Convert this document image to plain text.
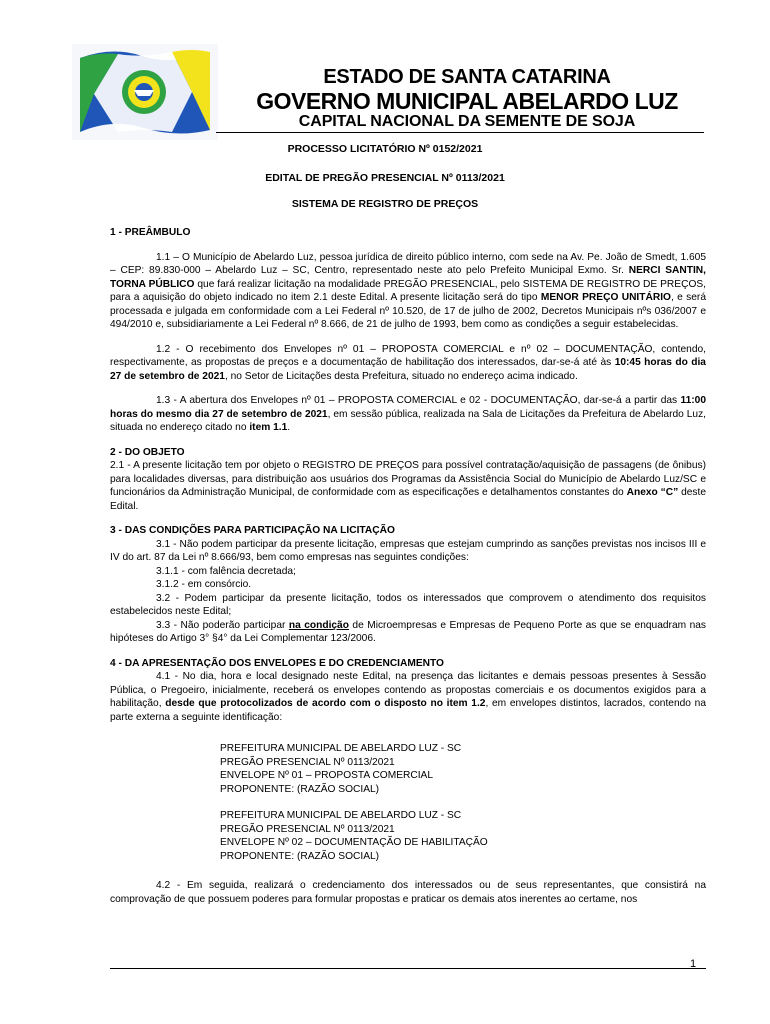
ESTADO DE SANTA CATARINA
GOVERNO MUNICIPAL ABELARDO LUZ
CAPITAL NACIONAL DA SEMENTE DE SOJA
PROCESSO LICITATÓRIO Nº 0152/2021
EDITAL DE PREGÃO PRESENCIAL Nº 0113/2021
SISTEMA DE REGISTRO DE PREÇOS

1 - PREÂMBULO

1.1 – O Município de Abelardo Luz, pessoa jurídica de direito público interno, com sede na Av. Pe. João de Smedt, 1.605 – CEP: 89.830-000 – Abelardo Luz – SC, Centro, representado neste ato pelo Prefeito Municipal Exmo. Sr. NERCI SANTIN, TORNA PÚBLICO que fará realizar licitação na modalidade PREGÃO PRESENCIAL, pelo SISTEMA DE REGISTRO DE PREÇOS, para a aquisição do objeto indicado no item 2.1 deste Edital. A presente licitação será do tipo MENOR PREÇO UNITÁRIO, e será processada e julgada em conformidade com a Lei Federal nº 10.520, de 17 de julho de 2002, Decretos Municipais nºs 036/2007 e 494/2010 e, subsidiariamente a Lei Federal nº 8.666, de 21 de julho de 1993, bem como as condições a seguir estabelecidas.

1.2 - O recebimento dos Envelopes nº 01 – PROPOSTA COMERCIAL e nº 02 – DOCUMENTAÇÃO, contendo, respectivamente, as propostas de preços e a documentação de habilitação dos interessados, dar-se-á até às 10:45 horas do dia 27 de setembro de 2021, no Setor de Licitações desta Prefeitura, situado no endereço acima indicado.

1.3 - A abertura dos Envelopes nº 01 – PROPOSTA COMERCIAL e 02 - DOCUMENTAÇÃO, dar-se-á a partir das 11:00 horas do mesmo dia 27 de setembro de 2021, em sessão pública, realizada na Sala de Licitações da Prefeitura de Abelardo Luz, situada no endereço citado no item 1.1.

2 - DO OBJETO

2.1 - A presente licitação tem por objeto o REGISTRO DE PREÇOS para possível contratação/aquisição de passagens (de ônibus) para localidades diversas, para distribuição aos usuários dos Programas da Assistência Social do Município de Abelardo Luz/SC e funcionários da Administração Municipal, de conformidade com as especificações e detalhamentos constantes do Anexo “C” deste Edital.

3 - DAS CONDIÇÕES PARA PARTICIPAÇÃO NA LICITAÇÃO

3.1 - Não podem participar da presente licitação, empresas que estejam cumprindo as sanções previstas nos incisos III e IV do art. 87 da Lei nº 8.666/93, bem como empresas nas seguintes condições:

3.1.1 - com falência decretada;

3.1.2 - em consórcio.

3.2 - Podem participar da presente licitação, todos os interessados que comprovem o atendimento dos requisitos estabelecidos neste Edital;

3.3 - Não poderão participar na condição de Microempresas e Empresas de Pequeno Porte as que se enquadram nas hipóteses do Artigo 3° §4° da Lei Complementar 123/2006.

4 - DA APRESENTAÇÃO DOS ENVELOPES E DO CREDENCIAMENTO

4.1 - No dia, hora e local designado neste Edital, na presença das licitantes e demais pessoas presentes à Sessão Pública, o Pregoeiro, inicialmente, receberá os envelopes contendo as propostas comerciais e os documentos exigidos para a habilitação, desde que protocolizados de acordo com o disposto no item 1.2, em envelopes distintos, lacrados, contendo na parte externa a seguinte identificação:

PREFEITURA MUNICIPAL DE ABELARDO LUZ - SC

PREGÃO PRESENCIAL Nº 0113/2021

ENVELOPE Nº 01 – PROPOSTA COMERCIAL

PROPONENTE: (RAZÃO SOCIAL)

PREFEITURA MUNICIPAL DE ABELARDO LUZ - SC

PREGÃO PRESENCIAL Nº 0113/2021

ENVELOPE Nº 02 – DOCUMENTAÇÃO DE HABILITAÇÃO

PROPONENTE: (RAZÃO SOCIAL)

4.2 - Em seguida, realizará o credenciamento dos interessados ou de seus representantes, que consistirá na comprovação de que possuem poderes para formular propostas e praticar os demais atos inerentes ao certame, nos

1
